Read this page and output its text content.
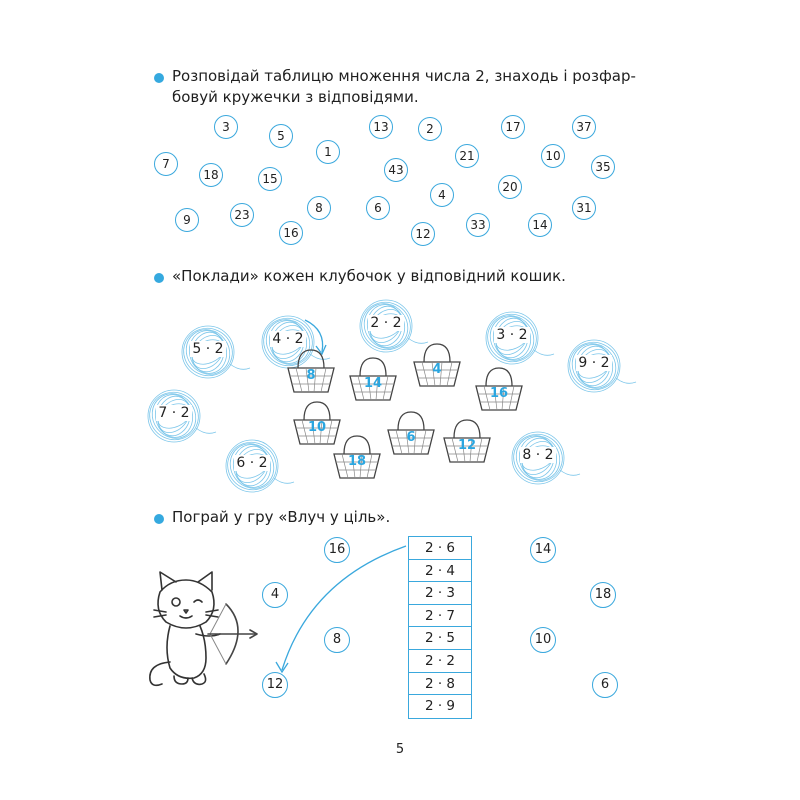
Розповідай таблицю множення числа 2, знаходь і розфар-
бовуй кружечки з відповідями.
3
5
13	2	17	37
7
1	21	10
35
18	15
43
20
8	6
4
31
9	23
16	12
33	14
«Поклади» кожен клубочок у відповідний кошик.
4 · 2
2 · 2
3 · 2
5 · 2
9 · 2
7 · 2
6 · 2	8 · 2
8
14
4
16
10
6
12
18
Пограй у гру «Влуч у ціль».
2 · 6
2 · 4
2 · 3
2 · 7
2 · 5
2 · 2
2 · 8
2 · 9
16	14
4	18
8	10
12	6
5
